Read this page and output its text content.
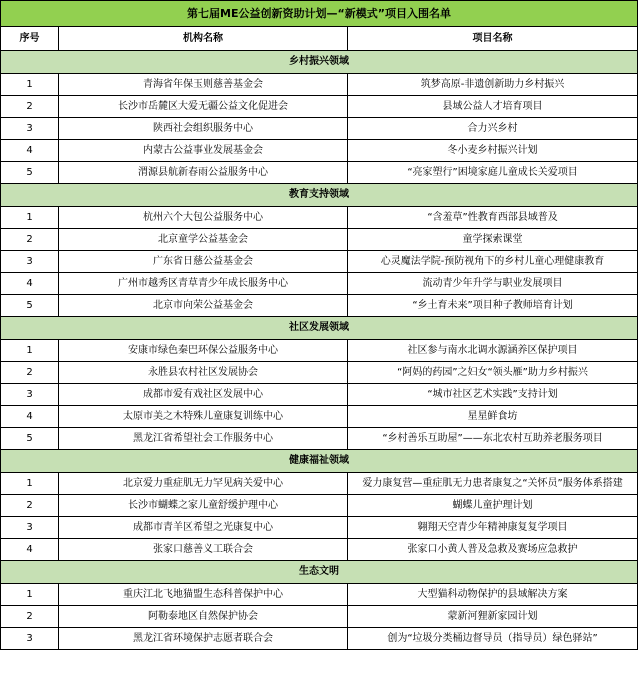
第七届ME公益创新资助计划—“新模式”项目入围名单		
序号	机构名称	项目名称
乡村振兴领域		
1	青海省年保玉则慈善基金会	筑梦高原-非遗创新助力乡村振兴
2	长沙市岳麓区大爱无疆公益文化促进会	县域公益人才培育项目
3	陕西社会组织服务中心	合力兴乡村
4	内蒙古公益事业发展基金会	冬小麦乡村振兴计划
5	渭源县航新春雨公益服务中心	“亮家塑行”困境家庭儿童成长关爱项目
教育支持领域		
1	杭州六个大包公益服务中心	“含羞草”性教育西部县域普及
2	北京童学公益基金会	童学探索课堂
3	广东省日慈公益基金会	心灵魔法学院-预防视角下的乡村儿童心理健康教育
4	广州市越秀区青草青少年成长服务中心	流动青少年升学与职业发展项目
5	北京市向荣公益基金会	“乡土育未来”项目种子教师培育计划
社区发展领域		
1	安康市绿色秦巴环保公益服务中心	社区参与南水北调水源涵养区保护项目
2	永胜县农村社区发展协会	“阿妈的药园”之妇女“领头雁”助力乡村振兴
3	成都市爱有戏社区发展中心	“城市社区艺术实践”支持计划
4	太原市美之木特殊儿童康复训练中心	星星鲜食坊
5	黑龙江省希望社会工作服务中心	“乡村善乐互助屋”——东北农村互助养老服务项目
健康福祉领域		
1	北京爱力重症肌无力罕见病关爱中心	爱力康复营—重症肌无力患者康复之“关怀员”服务体系搭建
2	长沙市蝴蝶之家儿童舒缓护理中心	蝴蝶儿童护理计划
3	成都市青羊区希望之光康复中心	翱翔天空青少年精神康复复学项目
4	张家口慈善义工联合会	张家口小黄人普及急救及赛场应急救护
生态文明		
1	重庆江北飞地猫盟生态科普保护中心	大型猫科动物保护的县域解决方案
2	阿勒泰地区自然保护协会	蒙新河狸新家园计划
3	黑龙江省环境保护志愿者联合会	创为“垃圾分类桶边督导员（指导员）绿色驿站”
